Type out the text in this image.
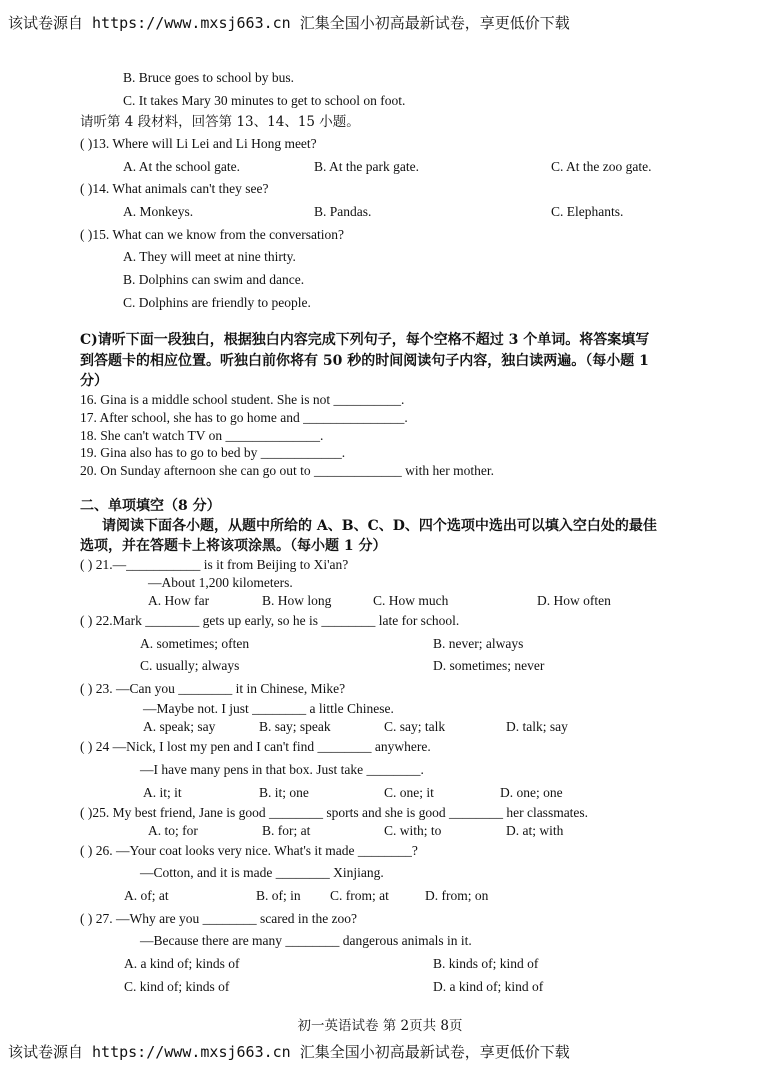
该试卷源自 https://www.mxsj663.cn 汇集全国小初高最新试卷，享更低价下载
B. Bruce goes to school by bus.
C. It takes Mary 30 minutes to get to school on foot.
请听第 4 段材料，回答第 13、14、15 小题。
( )13. Where will Li Lei and Li Hong meet?
A. At the school gate.	B. At the park gate.	C. At the zoo gate.
( )14. What animals can't they see?
A. Monkeys.	B. Pandas.	C. Elephants.
( )15. What can we know from the conversation?
A. They will meet at nine thirty.
B. Dolphins can swim and dance.
C. Dolphins are friendly to people.
C)请听下面一段独白，根据独白内容完成下列句子，每个空格不超过 3 个单词。将答案填写
到答题卡的相应位置。听独白前你将有 50 秒的时间阅读句子内容，独白读两遍。（每小题 1
分）
16. Gina is a middle school student. She is not __________.
17. After school, she has to go home and _______________.
18. She can't watch TV on ______________.
19. Gina also has to go to bed by ____________.
20. On Sunday afternoon she can go out to _____________ with her mother.
二、单项填空（8 分）
请阅读下面各小题，从题中所给的 A、B、C、D、四个选项中选出可以填入空白处的最佳
选项，并在答题卡上将该项涂黑。（每小题 1 分）
( ) 21.—___________ is it from Beijing to Xi'an?
—About 1,200 kilometers.
A. How far	B. How long	C. How much	D. How often
( ) 22.Mark ________ gets up early, so he is ________ late for school.
A. sometimes; often	B. never; always
C. usually; always	D. sometimes; never
( ) 23. —Can you ________ it in Chinese, Mike?
—Maybe not. I just ________ a little Chinese.
A. speak; say	B. say; speak	C. say; talk	D. talk; say
( ) 24 —Nick, I lost my pen and I can't find ________ anywhere.
—I have many pens in that box. Just take ________.
A. it; it	B. it; one	C. one; it	D. one; one
( )25. My best friend, Jane is good ________ sports and she is good ________ her classmates.
A. to; for	B. for; at	C. with; to	D. at; with
( ) 26. —Your coat looks very nice. What's it made ________?
—Cotton, and it is made ________ Xinjiang.
A. of; at	B. of; in C. from; at	D. from; on
( ) 27. —Why are you ________ scared in the zoo?
—Because there are many ________ dangerous animals in it.
A. a kind of; kinds of	B. kinds of; kind of
C. kind of; kinds of	D. a kind of; kind of
初一英语试卷 第 2页共 8页
该试卷源自 https://www.mxsj663.cn 汇集全国小初高最新试卷，享更低价下载
